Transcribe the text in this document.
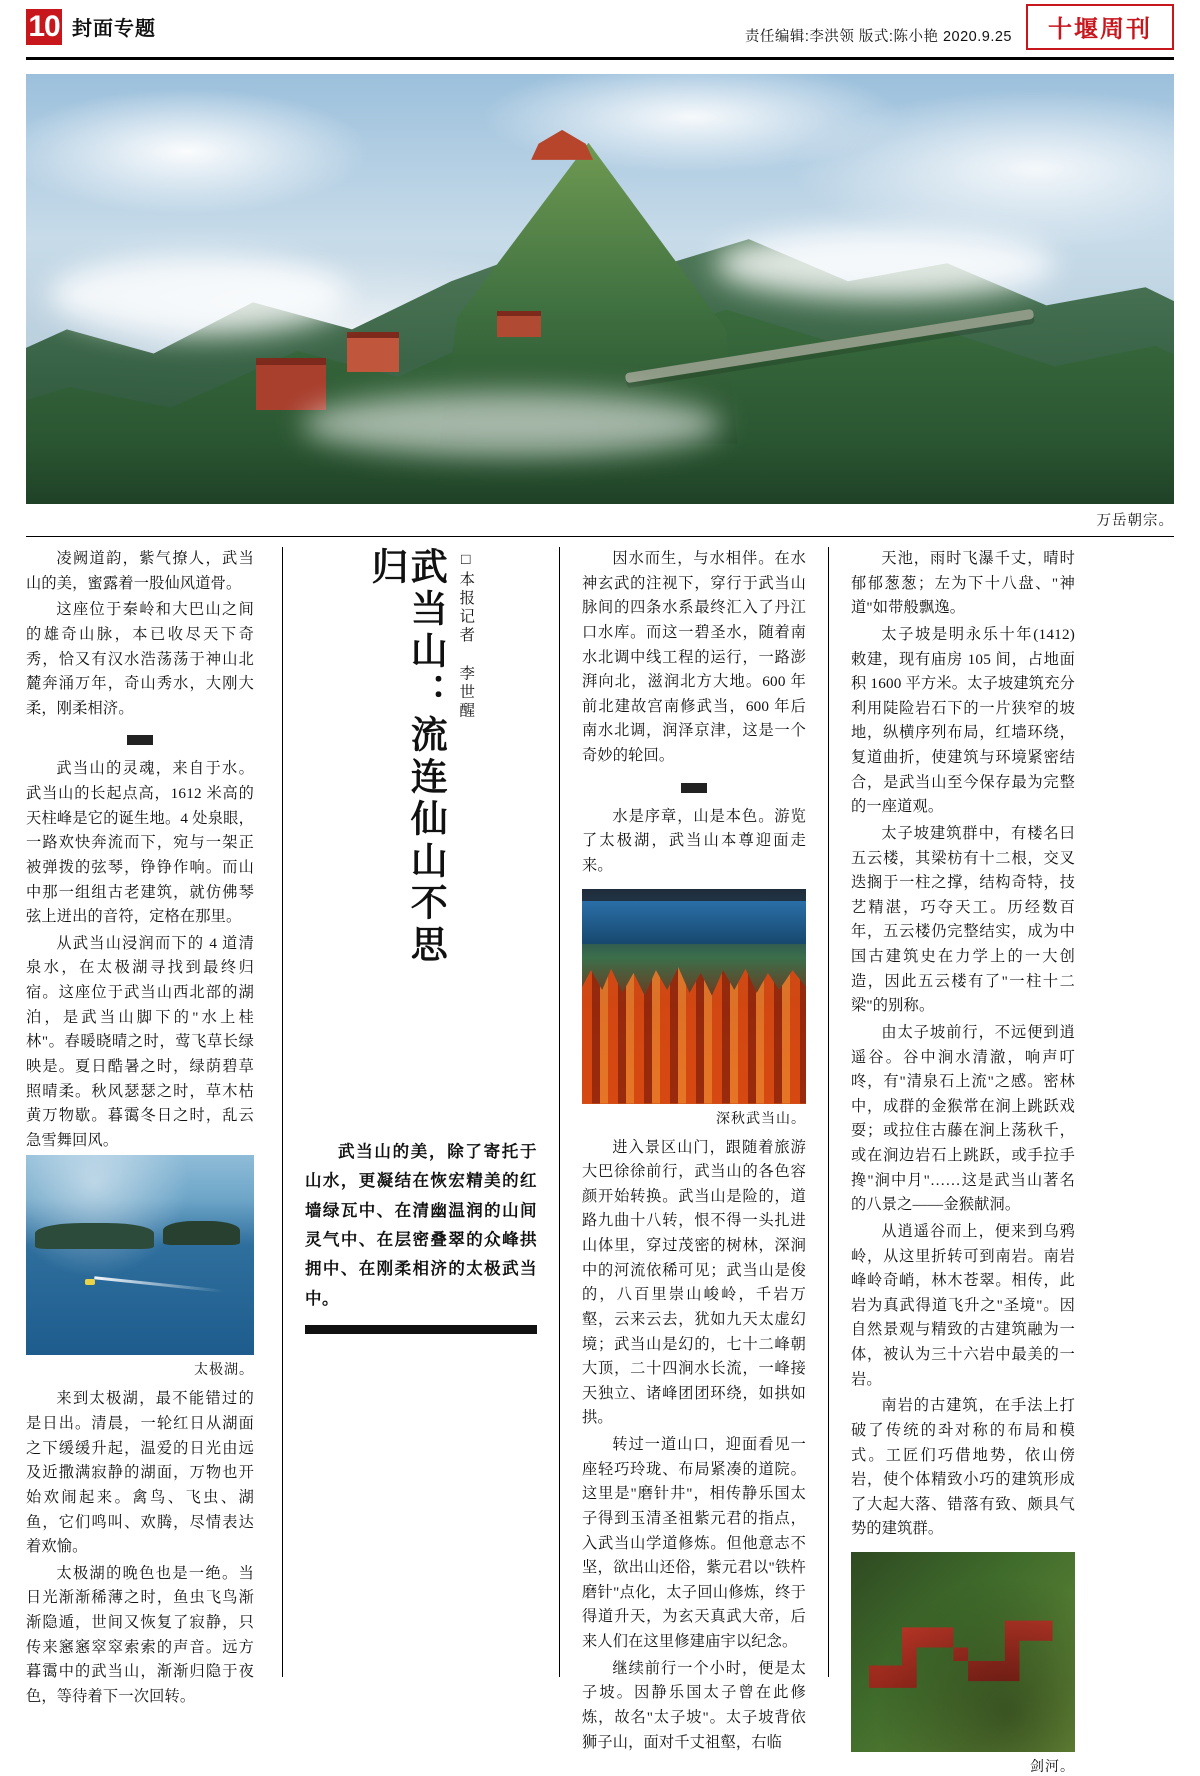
10 封面专题	责任编辑:李洪领 版式:陈小艳 2020.9.25	十堰周刊
万岳朝宗。

凌阙道韵，紫气撩人，武当山的美，蜜露着一股仙风道骨。

这座位于秦岭和大巴山之间的雄奇山脉，本已收尽天下奇秀，恰又有汉水浩荡荡于神山北麓奔涌万年，奇山秀水，大刚大柔，刚柔相济。

武当山的灵魂，来自于水。武当山的长起点高，1612 米高的天柱峰是它的诞生地。4 处泉眼，一路欢快奔流而下，宛与一架正被弹拨的弦琴，铮铮作响。而山中那一组组古老建筑，就仿佛琴弦上迸出的音符，定格在那里。

从武当山浸润而下的 4 道清泉水，在太极湖寻找到最终归宿。这座位于武当山西北部的湖泊，是武当山脚下的"水上桂林"。春暖晓晴之时，莺飞草长绿映是。夏日酷暑之时，绿荫碧草照晴柔。秋风瑟瑟之时，草木枯黄万物歇。暮霭冬日之时，乱云急雪舞回风。

太极湖。

来到太极湖，最不能错过的是日出。清晨，一轮红日从湖面之下缓缓升起，温爱的日光由远及近撒满寂静的湖面，万物也开始欢闹起来。禽鸟、飞虫、湖鱼，它们鸣叫、欢腾，尽情表达着欢愉。

太极湖的晚色也是一绝。当日光渐渐稀薄之时，鱼虫飞鸟渐渐隐遁，世间又恢复了寂静，只传来窸窸窣窣索索的声音。远方暮霭中的武当山，渐渐归隐于夜色，等待着下一次回转。

武当山：流连仙山不思归	□本报记者 李世醒
武当山的美，除了寄托于山水，更凝结在恢宏精美的红墙绿瓦中、在清幽温润的山间灵气中、在层密叠翠的众峰拱拥中、在刚柔相济的太极武当中。

因水而生，与水相伴。在水神玄武的注视下，穿行于武当山脉间的四条水系最终汇入了丹江口水库。而这一碧圣水，随着南水北调中线工程的运行，一路澎湃向北，滋润北方大地。600 年前北建故宫南修武当，600 年后南水北调，润泽京津，这是一个奇妙的轮回。

水是序章，山是本色。游览了太极湖，武当山本尊迎面走来。

深秋武当山。

进入景区山门，跟随着旅游大巴徐徐前行，武当山的各色容颜开始转换。武当山是险的，道路九曲十八转，恨不得一头扎进山体里，穿过茂密的树林，深涧中的河流依稀可见；武当山是俊的，八百里崇山峻岭，千岩万壑，云来云去，犹如九天太虚幻境；武当山是幻的，七十二峰朝大顶，二十四涧水长流，一峰接天独立、诸峰团团环绕，如拱如拱。

转过一道山口，迎面看见一座轻巧玲珑、布局紧凑的道院。这里是"磨针井"，相传静乐国太子得到玉清圣祖紫元君的指点，入武当山学道修炼。但他意志不坚，欲出山还俗，紫元君以"铁杵磨针"点化，太子回山修炼，终于得道升天，为玄天真武大帝，后来人们在这里修建庙宇以纪念。

继续前行一个小时，便是太子坡。因静乐国太子曾在此修炼，故名"太子坡"。太子坡背依狮子山，面对千丈祖壑，右临

天池，雨时飞瀑千丈，晴时郁郁葱葱；左为下十八盘、"神道"如带般飘逸。

太子坡是明永乐十年(1412)敕建，现有庙房 105 间，占地面积 1600 平方米。太子坡建筑充分利用陡险岩石下的一片狭窄的坡地，纵横序列布局，红墙环绕，复道曲折，使建筑与环境紧密结合，是武当山至今保存最为完整的一座道观。

太子坡建筑群中，有楼名曰五云楼，其梁枋有十二根，交叉迭搁于一柱之撑，结构奇特，技艺精湛，巧夺天工。历经数百年，五云楼仍完整结实，成为中国古建筑史在力学上的一大创造，因此五云楼有了"一柱十二梁"的别称。

由太子坡前行，不远便到逍遥谷。谷中涧水清澈，响声叮咚，有"清泉石上流"之感。密林中，成群的金猴常在涧上跳跃戏耍；或拉住古藤在涧上荡秋千，或在涧边岩石上跳跃，或手拉手搀"涧中月"……这是武当山著名的八景之——金猴献洞。

从逍遥谷而上，便来到乌鸦岭，从这里折转可到南岩。南岩峰岭奇峭，林木苍翠。相传，此岩为真武得道飞升之"圣境"。因自然景观与精致的古建筑融为一体，被认为三十六岩中最美的一岩。

南岩的古建筑，在手法上打破了传统的좌对称的布局和模式。工匠们巧借地势，依山傍岩，使个体精致小巧的建筑形成了大起大落、错落有致、颇具气势的建筑群。

剑河。
